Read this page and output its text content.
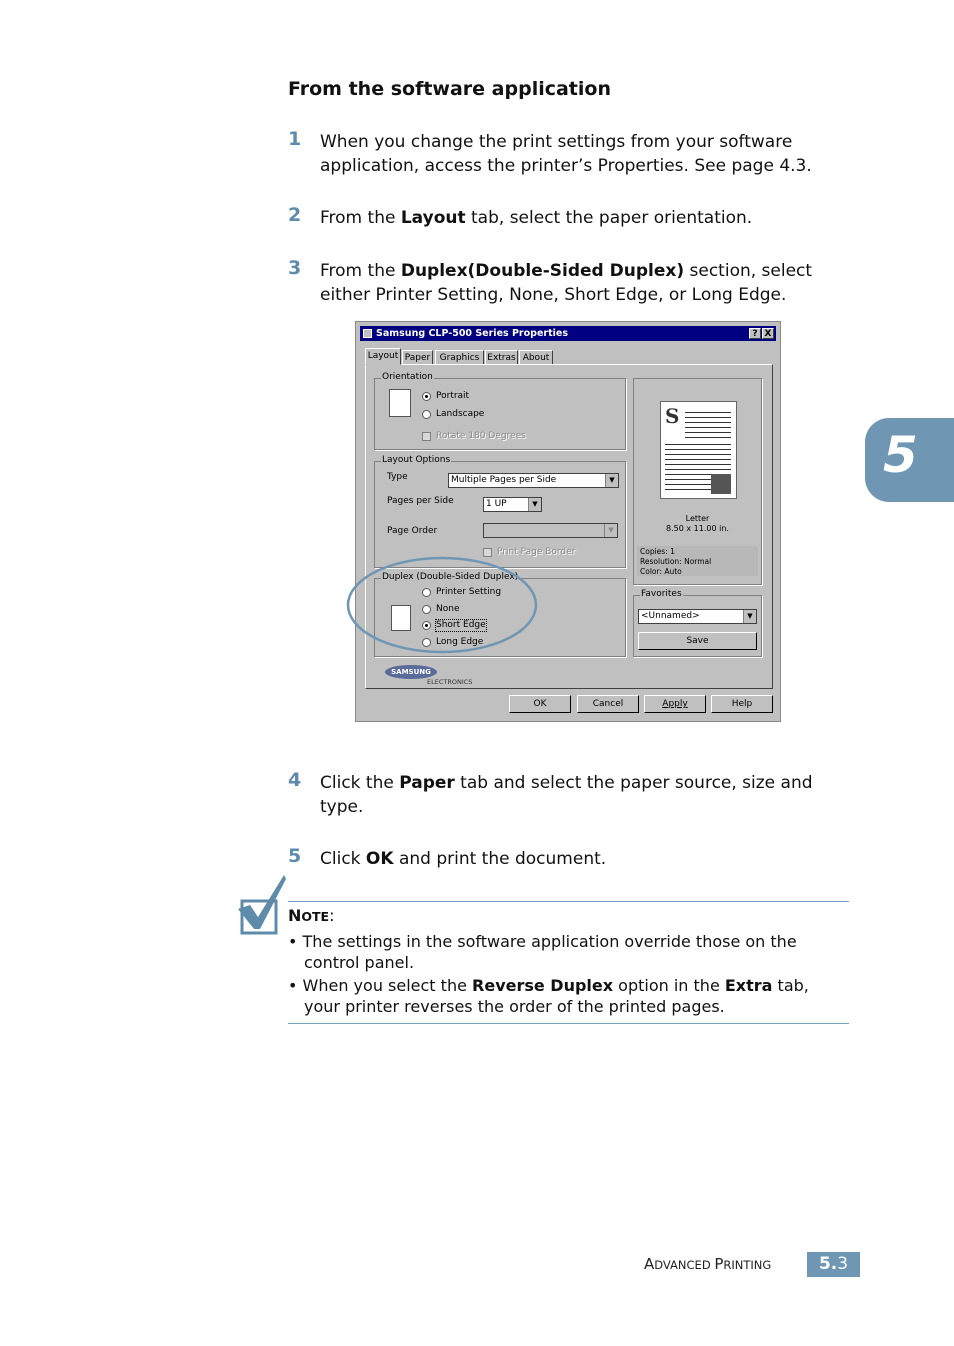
From the software application
1 When you change the print settings from your software application, access the printer’s Properties. See page 4.3.
2 From the Layout tab, select the paper orientation.
3 From the Duplex(Double-Sided Duplex) section, select either Printer Setting, None, Short Edge, or Long Edge.
5
Samsung CLP-500 Series Properties	? X
Layout Paper	Graphics Extras About
Orientation
Portrait
Landscape
Rotate 180 Degrees
Layout Options
Type	Multiple Pages per Side	▼
Pages per Side	1 UP	▼
Page Order	▼
Print Page Border
Duplex (Double-Sided Duplex)
Printer Setting
None
Short Edge
Long Edge
S
Letter
8.50 x 11.00 in.
Copies: 1
Resolution: Normal
Color: Auto
Favorites
<Unnamed>	▼
Save
SAMSUNG
ELECTRONICS
OK	Cancel	Apply	Help
4 Click the Paper tab and select the paper source, size and type.
5 Click OK and print the document.
NOTE:
• The settings in the software application override those on the control panel.
• When you select the Reverse Duplex option in the Extra tab, your printer reverses the order of the printed pages.
ADVANCED PRINTING	5.3
